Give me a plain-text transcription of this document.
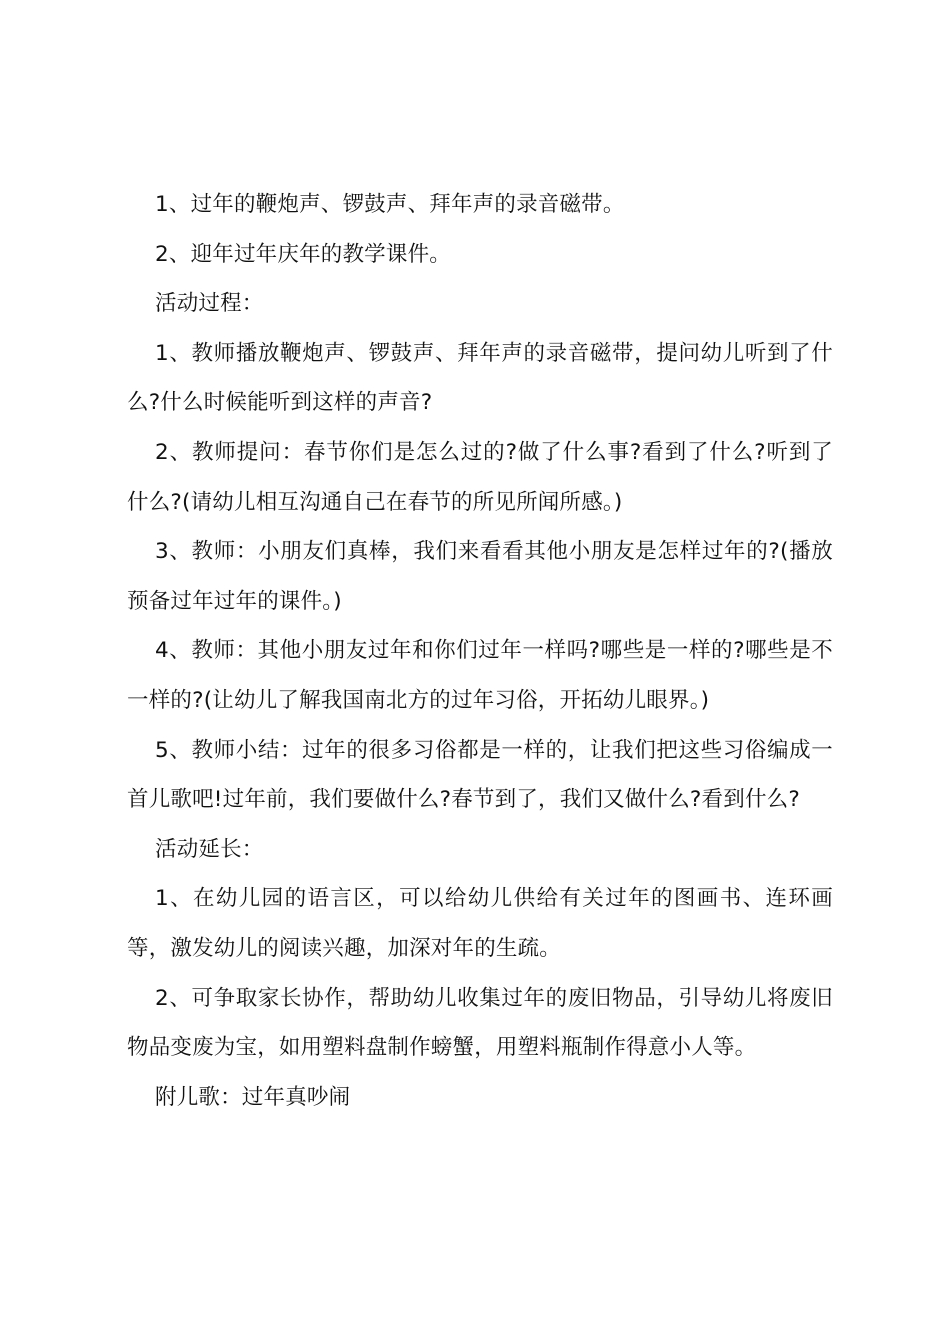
1、过年的鞭炮声、锣鼓声、拜年声的录音磁带。

2、迎年过年庆年的教学课件。

活动过程：

1、教师播放鞭炮声、锣鼓声、拜年声的录音磁带，提问幼儿听到了什么?什么时候能听到这样的声音?

2、教师提问：春节你们是怎么过的?做了什么事?看到了什么?听到了什么?(请幼儿相互沟通自己在春节的所见所闻所感。)

3、教师：小朋友们真棒，我们来看看其他小朋友是怎样过年的?(播放预备过年过年的课件。)

4、教师：其他小朋友过年和你们过年一样吗?哪些是一样的?哪些是不一样的?(让幼儿了解我国南北方的过年习俗，开拓幼儿眼界。)

5、教师小结：过年的很多习俗都是一样的，让我们把这些习俗编成一首儿歌吧!过年前，我们要做什么?春节到了，我们又做什么?看到什么?

活动延长：

1、在幼儿园的语言区，可以给幼儿供给有关过年的图画书、连环画等，激发幼儿的阅读兴趣，加深对年的生疏。

2、可争取家长协作，帮助幼儿收集过年的废旧物品，引导幼儿将废旧物品变废为宝，如用塑料盘制作螃蟹，用塑料瓶制作得意小人等。

附儿歌：过年真吵闹
